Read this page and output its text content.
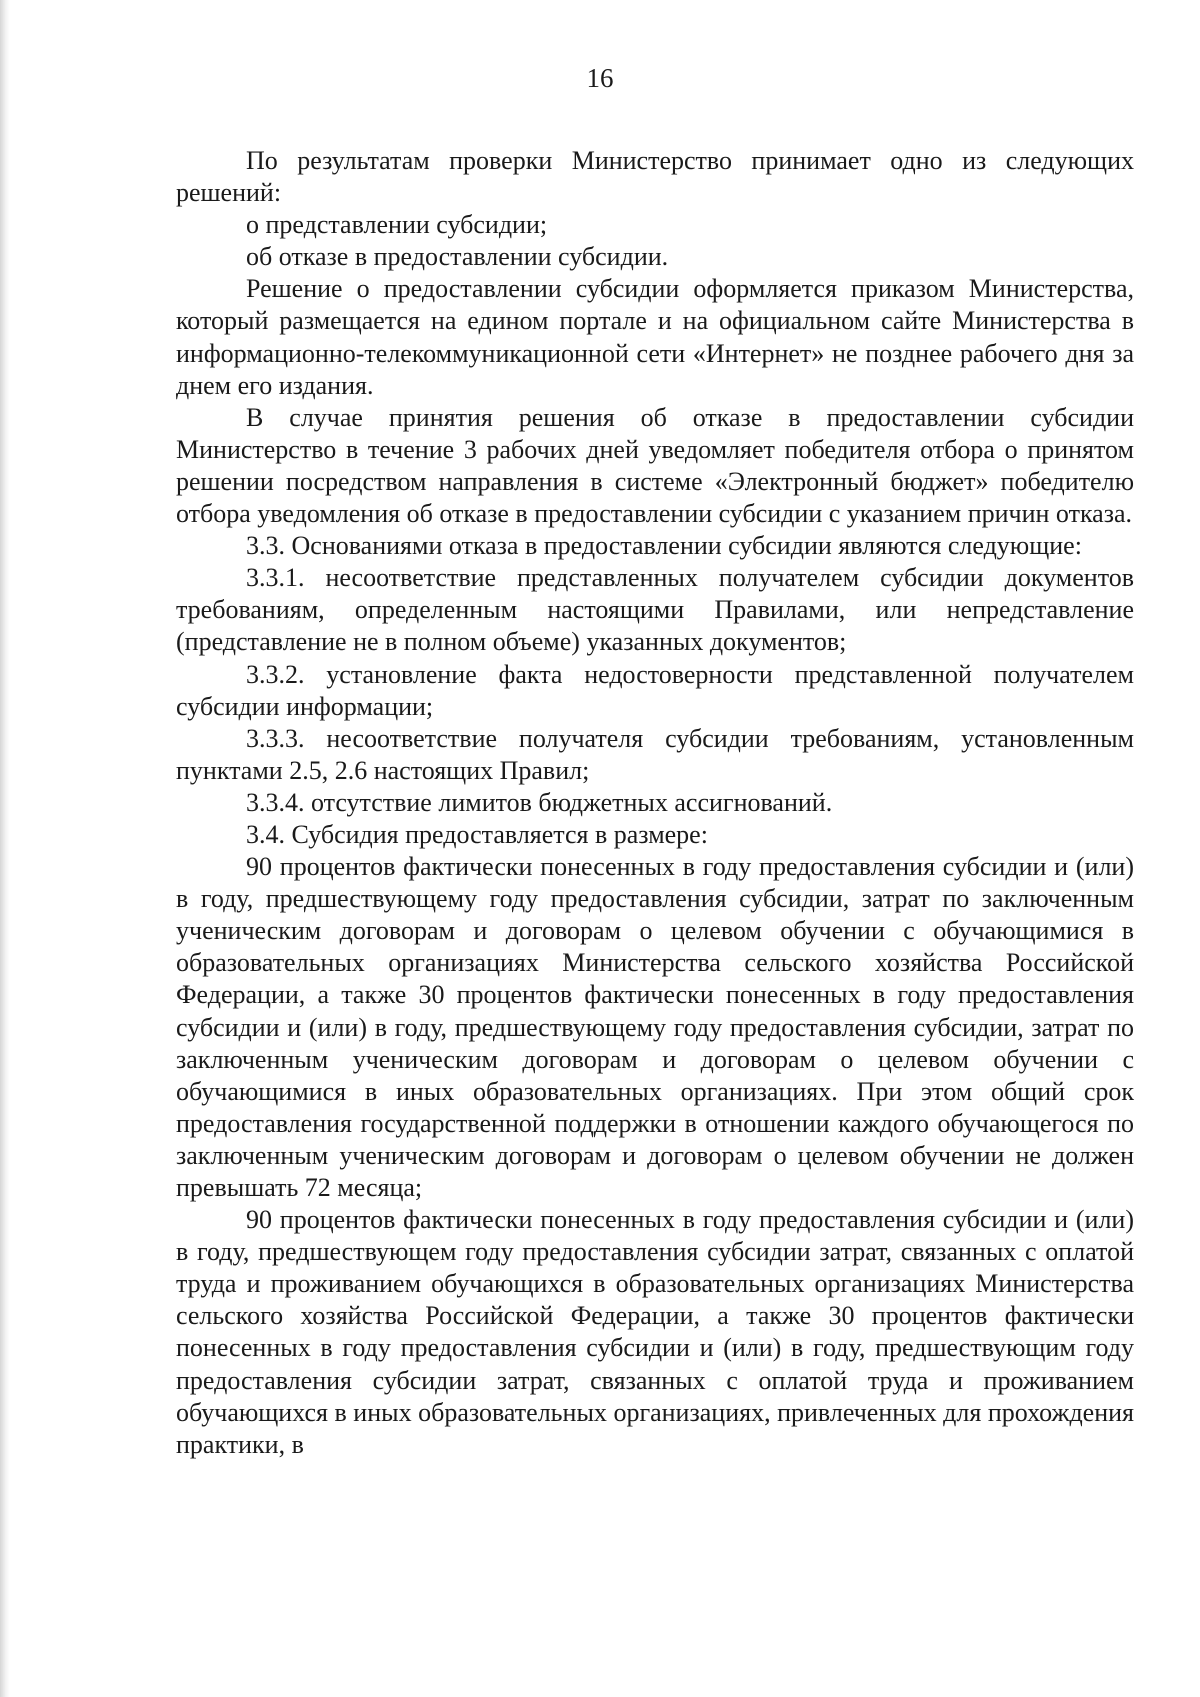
16

По результатам проверки Министерство принимает одно из следующих решений:

о представлении субсидии;

об отказе в предоставлении субсидии.

Решение о предоставлении субсидии оформляется приказом Министерства, который размещается на едином портале и на официальном сайте Министерства в информационно-телекоммуникационной сети «Интернет» не позднее рабочего дня за днем его издания.

В случае принятия решения об отказе в предоставлении субсидии Министерство в течение 3 рабочих дней уведомляет победителя отбора о принятом решении посредством направления в системе «Электронный бюджет» победителю отбора уведомления об отказе в предоставлении субсидии с указанием причин отказа.

3.3. Основаниями отказа в предоставлении субсидии являются следующие:

3.3.1. несоответствие представленных получателем субсидии документов требованиям, определенным настоящими Правилами, или непредставление (представление не в полном объеме) указанных документов;

3.3.2. установление факта недостоверности представленной получателем субсидии информации;

3.3.3. несоответствие получателя субсидии требованиям, установленным пунктами 2.5, 2.6 настоящих Правил;

3.3.4. отсутствие лимитов бюджетных ассигнований.

3.4. Субсидия предоставляется в размере:

90 процентов фактически понесенных в году предоставления субсидии и (или) в году, предшествующему году предоставления субсидии, затрат по заключенным ученическим договорам и договорам о целевом обучении с обучающимися в образовательных организациях Министерства сельского хозяйства Российской Федерации, а также 30 процентов фактически понесенных в году предоставления субсидии и (или) в году, предшествующему году предоставления субсидии, затрат по заключенным ученическим договорам и договорам о целевом обучении с обучающимися в иных образовательных организациях. При этом общий срок предоставления государственной поддержки в отношении каждого обучающегося по заключенным ученическим договорам и договорам о целевом обучении не должен превышать 72 месяца;

90 процентов фактически понесенных в году предоставления субсидии и (или) в году, предшествующем году предоставления субсидии затрат, связанных с оплатой труда и проживанием обучающихся в образовательных организациях Министерства сельского хозяйства Российской Федерации, а также 30 процентов фактически понесенных в году предоставления субсидии и (или) в году, предшествующим году предоставления субсидии затрат, связанных с оплатой труда и проживанием обучающихся в иных образовательных организациях, привлеченных для прохождения практики, в
